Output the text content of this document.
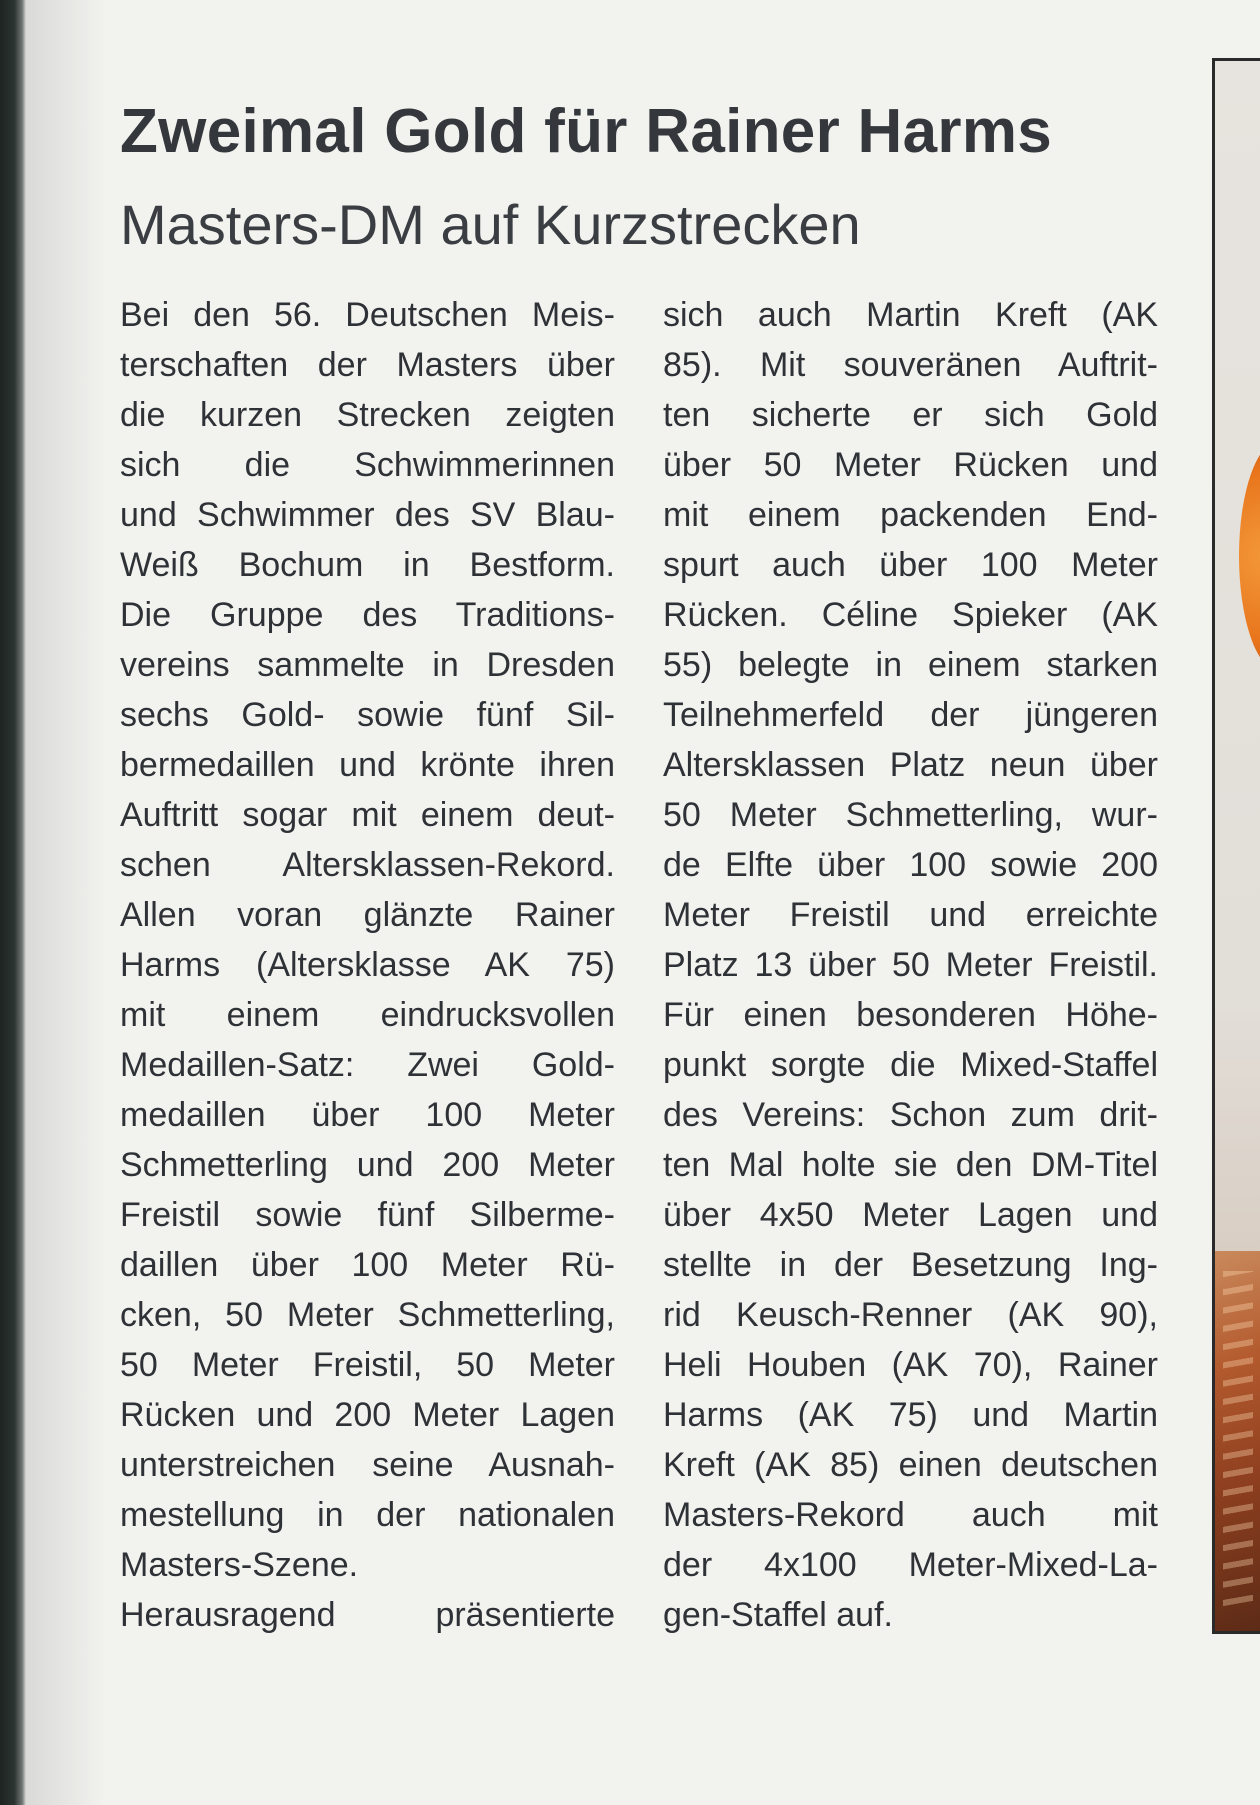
Zweimal Gold für Rainer Harms
Masters-DM auf Kurzstrecken
Bei den 56. Deutschen Meis-
terschaften der Masters über
die kurzen Strecken zeigten
sich die Schwimmerinnen
und Schwimmer des SV Blau-
Weiß Bochum in Bestform.
Die Gruppe des Traditions-
vereins sammelte in Dresden
sechs Gold- sowie fünf Sil-
bermedaillen und krönte ihren
Auftritt sogar mit einem deut-
schen Altersklassen-Rekord.
Allen voran glänzte Rainer
Harms (Altersklasse AK 75)
mit einem eindrucksvollen
Medaillen-Satz: Zwei Gold-
medaillen über 100 Meter
Schmetterling und 200 Meter
Freistil sowie fünf Silberme-
daillen über 100 Meter Rü-
cken, 50 Meter Schmetterling,
50 Meter Freistil, 50 Meter
Rücken und 200 Meter Lagen
unterstreichen seine Ausnah-
mestellung in der nationalen
Masters-Szene.
Herausragend präsentierte
sich auch Martin Kreft (AK
85). Mit souveränen Auftrit-
ten sicherte er sich Gold
über 50 Meter Rücken und
mit einem packenden End-
spurt auch über 100 Meter
Rücken. Céline Spieker (AK
55) belegte in einem starken
Teilnehmerfeld der jüngeren
Altersklassen Platz neun über
50 Meter Schmetterling, wur-
de Elfte über 100 sowie 200
Meter Freistil und erreichte
Platz 13 über 50 Meter Freistil.
Für einen besonderen Höhe-
punkt sorgte die Mixed-Staffel
des Vereins: Schon zum drit-
ten Mal holte sie den DM-Titel
über 4x50 Meter Lagen und
stellte in der Besetzung Ing-
rid Keusch-Renner (AK 90),
Heli Houben (AK 70), Rainer
Harms (AK 75) und Martin
Kreft (AK 85) einen deutschen
Masters-Rekord auch mit
der 4x100 Meter-Mixed-La-
gen-Staffel auf.
